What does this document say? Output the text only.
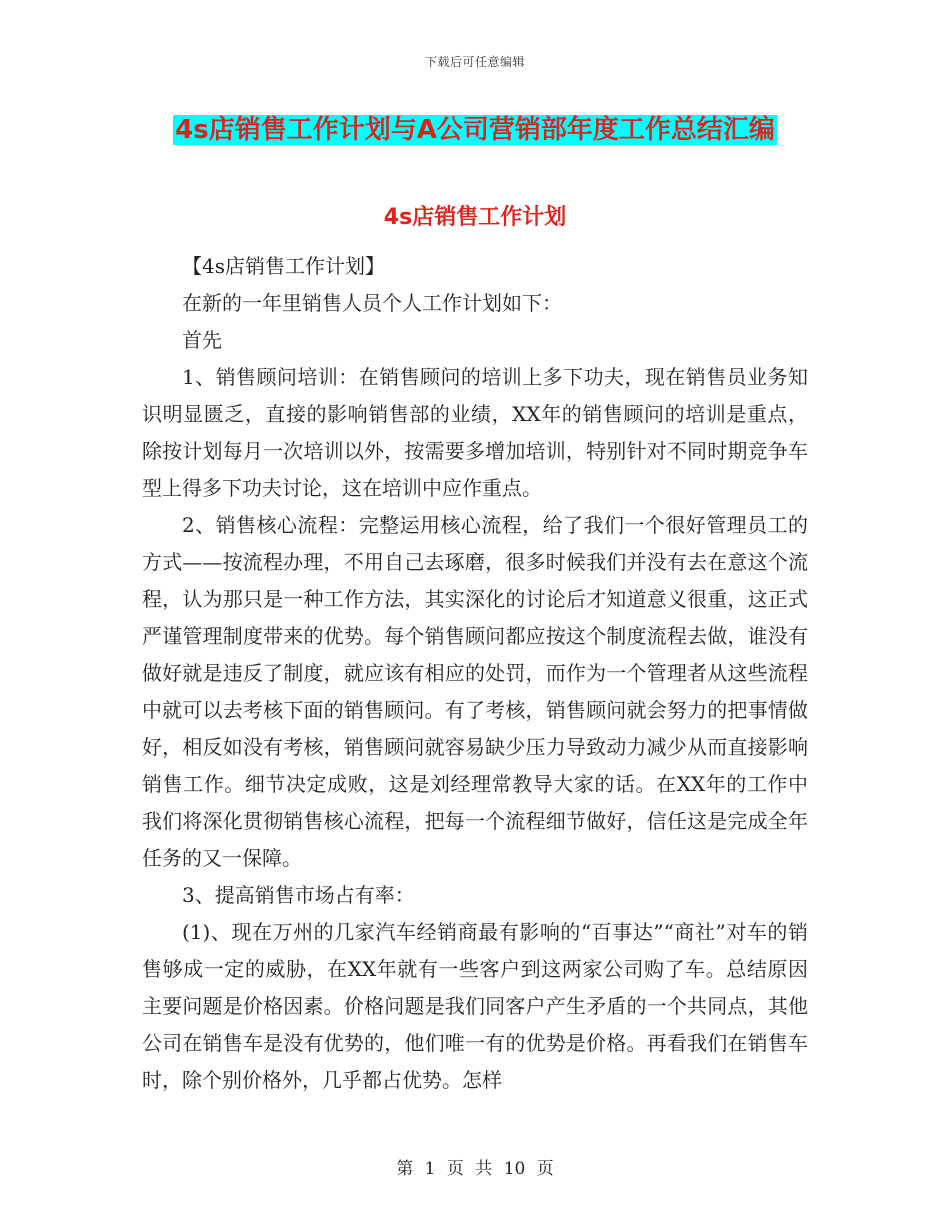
下载后可任意编辑
4s店销售工作计划与A公司营销部年度工作总结汇编
4s店销售工作计划

【4s店销售工作计划】

在新的一年里销售人员个人工作计划如下：

首先

1、销售顾问培训：在销售顾问的培训上多下功夫，现在销售员业务知识明显匮乏，直接的影响销售部的业绩，XX年的销售顾问的培训是重点，除按计划每月一次培训以外，按需要多增加培训，特别针对不同时期竞争车型上得多下功夫讨论，这在培训中应作重点。

2、销售核心流程：完整运用核心流程，给了我们一个很好管理员工的方式——按流程办理，不用自己去琢磨，很多时候我们并没有去在意这个流程，认为那只是一种工作方法，其实深化的讨论后才知道意义很重，这正式严谨管理制度带来的优势。每个销售顾问都应按这个制度流程去做，谁没有做好就是违反了制度，就应该有相应的处罚，而作为一个管理者从这些流程中就可以去考核下面的销售顾问。有了考核，销售顾问就会努力的把事情做好，相反如没有考核，销售顾问就容易缺少压力导致动力减少从而直接影响销售工作。细节决定成败，这是刘经理常教导大家的话。在XX年的工作中我们将深化贯彻销售核心流程，把每一个流程细节做好，信任这是完成全年任务的又一保障。

3、提高销售市场占有率：

(1)、现在万州的几家汽车经销商最有影响的“百事达”“商社”对车的销售够成一定的威胁，在XX年就有一些客户到这两家公司购了车。总结原因主要问题是价格因素。价格问题是我们同客户产生矛盾的一个共同点，其他公司在销售车是没有优势的，他们唯一有的优势是价格。再看我们在销售车时，除个别价格外，几乎都占优势。怎样

第 1 页 共 10 页
